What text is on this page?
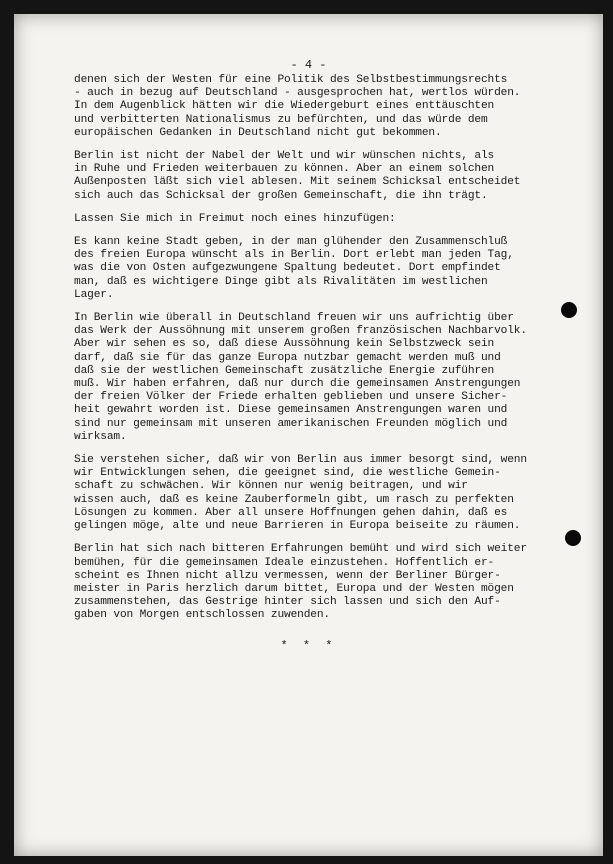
- 4 -
denen sich der Westen für eine Politik des Selbstbestimmungsrechts
- auch in bezug auf Deutschland - ausgesprochen hat, wertlos würden.
In dem Augenblick hätten wir die Wiedergeburt eines enttäuschten
und verbitterten Nationalismus zu befürchten, und das würde dem
europäischen Gedanken in Deutschland nicht gut bekommen.
Berlin ist nicht der Nabel der Welt und wir wünschen nichts, als
in Ruhe und Frieden weiterbauen zu können. Aber an einem solchen
Außenposten läßt sich viel ablesen. Mit seinem Schicksal entscheidet
sich auch das Schicksal der großen Gemeinschaft, die ihn trägt.
Lassen Sie mich in Freimut noch eines hinzufügen:
Es kann keine Stadt geben, in der man glühender den Zusammenschluß
des freien Europa wünscht als in Berlin. Dort erlebt man jeden Tag,
was die von Osten aufgezwungene Spaltung bedeutet. Dort empfindet
man, daß es wichtigere Dinge gibt als Rivalitäten im westlichen
Lager.
In Berlin wie überall in Deutschland freuen wir uns aufrichtig über
das Werk der Aussöhnung mit unserem großen französischen Nachbarvolk.
Aber wir sehen es so, daß diese Aussöhnung kein Selbstzweck sein
darf, daß sie für das ganze Europa nutzbar gemacht werden muß und
daß sie der westlichen Gemeinschaft zusätzliche Energie zuführen
muß. Wir haben erfahren, daß nur durch die gemeinsamen Anstrengungen
der freien Völker der Friede erhalten geblieben und unsere Sicher-
heit gewahrt worden ist. Diese gemeinsamen Anstrengungen waren und
sind nur gemeinsam mit unseren amerikanischen Freunden möglich und
wirksam.
Sie verstehen sicher, daß wir von Berlin aus immer besorgt sind, wenn
wir Entwicklungen sehen, die geeignet sind, die westliche Gemein-
schaft zu schwächen. Wir können nur wenig beitragen, und wir
wissen auch, daß es keine Zauberformeln gibt, um rasch zu perfekten
Lösungen zu kommen. Aber all unsere Hoffnungen gehen dahin, daß es
gelingen möge, alte und neue Barrieren in Europa beiseite zu räumen.
Berlin hat sich nach bitteren Erfahrungen bemüht und wird sich weiter
bemühen, für die gemeinsamen Ideale einzustehen. Hoffentlich er-
scheint es Ihnen nicht allzu vermessen, wenn der Berliner Bürger-
meister in Paris herzlich darum bittet, Europa und der Westen mögen
zusammenstehen, das Gestrige hinter sich lassen und sich den Auf-
gaben von Morgen entschlossen zuwenden.
* * *
